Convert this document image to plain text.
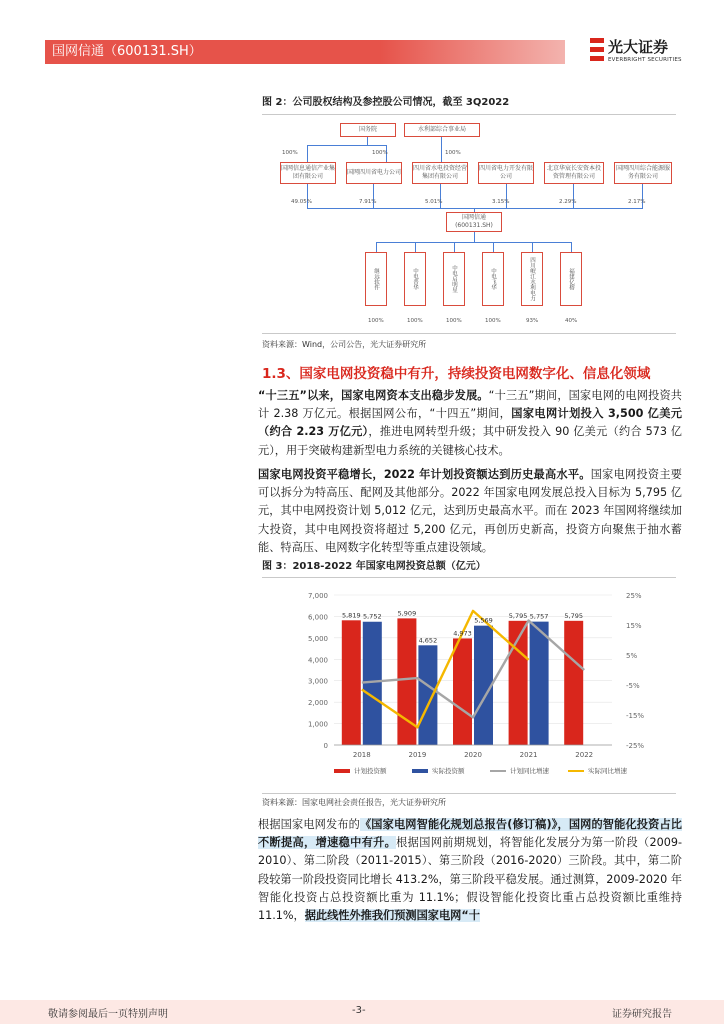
国网信通（600131.SH）	光大证券
EVERBRIGHT SECURITIES
图 2：公司股权结构及参控股公司情况，截至 3Q2022
国务院	水利部综合事业局
100%	100%	100%
国网信息通信产业集团有限公司
国网四川省电力公司
四川省水电投资经营集团有限公司
四川省电力开发有限公司
北京华宸长安资本投资管理有限公司
国网四川综合能源服务有限公司
49.05%	7.91%	5.01%	3.15%	2.29%	2.17%
国网信通
(600131.SH)
继远软件	中电普华	中电启明星	中电飞华	四川岷江水利电力	福建亿榕
100%	100%	100%	100%	93%	40%
资料来源：Wind，公司公告，光大证券研究所
1.3、国家电网投资稳中有升，持续投资电网数字化、信息化领域
“十三五”以来，国家电网资本支出稳步发展。“十三五”期间，国家电网的电网投资共计 2.38 万亿元。根据国网公布，“十四五”期间，国家电网计划投入 3,500 亿美元（约合 2.23 万亿元），推进电网转型升级；其中研发投入 90 亿美元（约合 573 亿元），用于突破构建新型电力系统的关键核心技术。
国家电网投资平稳增长，2022 年计划投资额达到历史最高水平。国家电网投资主要可以拆分为特高压、配网及其他部分。2022 年国家电网发展总投入目标为 5,795 亿元，其中电网投资计划 5,012 亿元，达到历史最高水平。而在 2023 年国网将继续加大投资，其中电网投资将超过 5,200 亿元，再创历史新高，投资方向聚焦于抽水蓄能、特高压、电网数字化转型等重点建设领域。
图 3：2018-2022 年国家电网投资总额（亿元）
5,819	5,909
4,973
5,795	5,795
5,752
4,652
5,569
5,757
0
1,000
2,000
3,000
4,000
5,000
6,000
7,000	25%
15%
5%
-5%
-15%
-25%
2018	2019	2020	2021	2022
计划投资额	实际投资额	计划同比增速	实际同比增速
资料来源：国家电网社会责任报告，光大证券研究所
根据国家电网发布的《国家电网智能化规划总报告(修订稿)》，国网的智能化投资占比不断提高，增速稳中有升。根据国网前期规划，将智能化发展分为第一阶段（2009-2010）、第二阶段（2011-2015）、第三阶段（2016-2020）三阶段。其中，第二阶段较第一阶段投资同比增长 413.2%，第三阶段平稳发展。通过测算，2009-2020 年智能化投资占总投资额比重为 11.1%；假设智能化投资比重占总投资额比重维持 11.1%，据此线性外推我们预测国家电网“十
敬请参阅最后一页特别声明	-3-	证券研究报告
